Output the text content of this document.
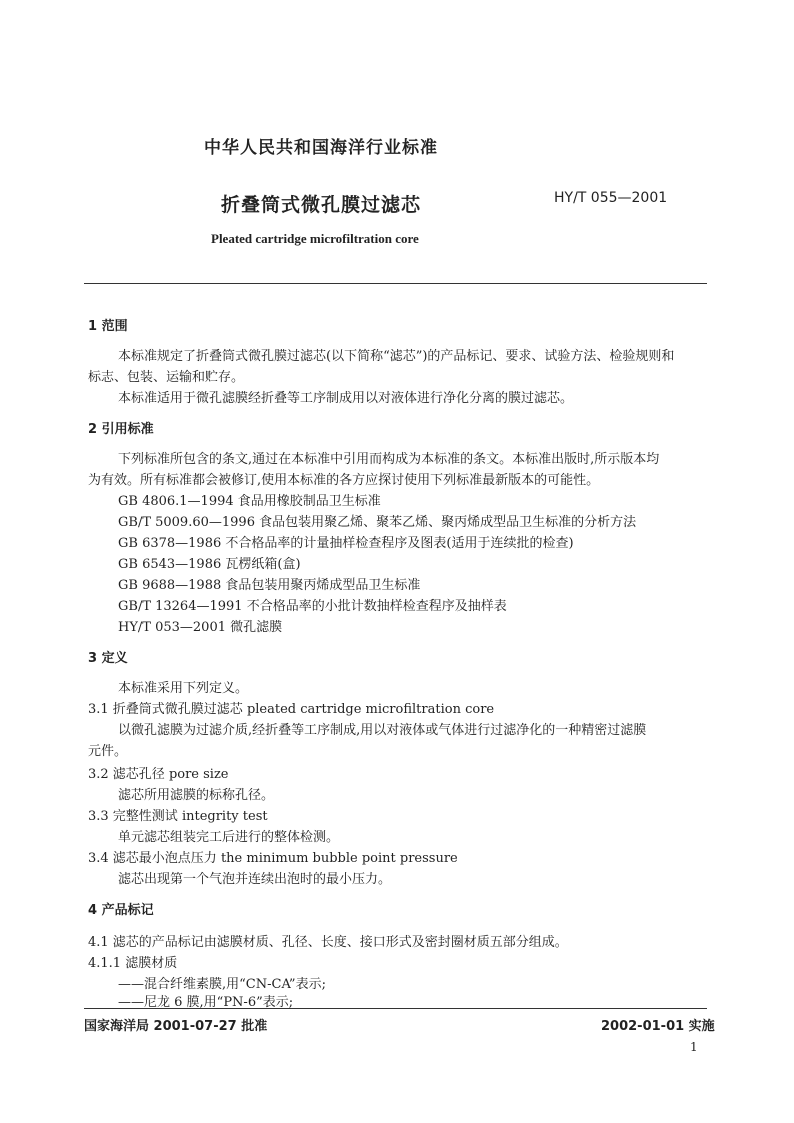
中华人民共和国海洋行业标准
折叠筒式微孔膜过滤芯	HY/T 055—2001
Pleated cartridge microfiltration core
1 范围
本标准规定了折叠筒式微孔膜过滤芯(以下简称“滤芯”)的产品标记、要求、试验方法、检验规则和
标志、包装、运输和贮存。
本标准适用于微孔滤膜经折叠等工序制成用以对液体进行净化分离的膜过滤芯。
2 引用标准
下列标准所包含的条文,通过在本标准中引用而构成为本标准的条文。本标准出版时,所示版本均
为有效。所有标准都会被修订,使用本标准的各方应探讨使用下列标准最新版本的可能性。
GB 4806.1—1994 食品用橡胶制品卫生标准
GB/T 5009.60—1996 食品包装用聚乙烯、聚苯乙烯、聚丙烯成型品卫生标准的分析方法
GB 6378—1986 不合格品率的计量抽样检查程序及图表(适用于连续批的检查)
GB 6543—1986 瓦楞纸箱(盒)
GB 9688—1988 食品包装用聚丙烯成型品卫生标准
GB/T 13264—1991 不合格品率的小批计数抽样检查程序及抽样表
HY/T 053—2001 微孔滤膜
3 定义
本标准采用下列定义。
3.1 折叠筒式微孔膜过滤芯 pleated cartridge microfiltration core
以微孔滤膜为过滤介质,经折叠等工序制成,用以对液体或气体进行过滤净化的一种精密过滤膜
元件。
3.2 滤芯孔径 pore size
滤芯所用滤膜的标称孔径。
3.3 完整性测试 integrity test
单元滤芯组装完工后进行的整体检测。
3.4 滤芯最小泡点压力 the minimum bubble point pressure
滤芯出现第一个气泡并连续出泡时的最小压力。
4 产品标记
4.1 滤芯的产品标记由滤膜材质、孔径、长度、接口形式及密封圈材质五部分组成。
4.1.1 滤膜材质
——混合纤维素膜,用“CN-CA”表示;
——尼龙 6 膜,用“PN-6”表示;
国家海洋局 2001-07-27 批准	2002-01-01 实施
1
